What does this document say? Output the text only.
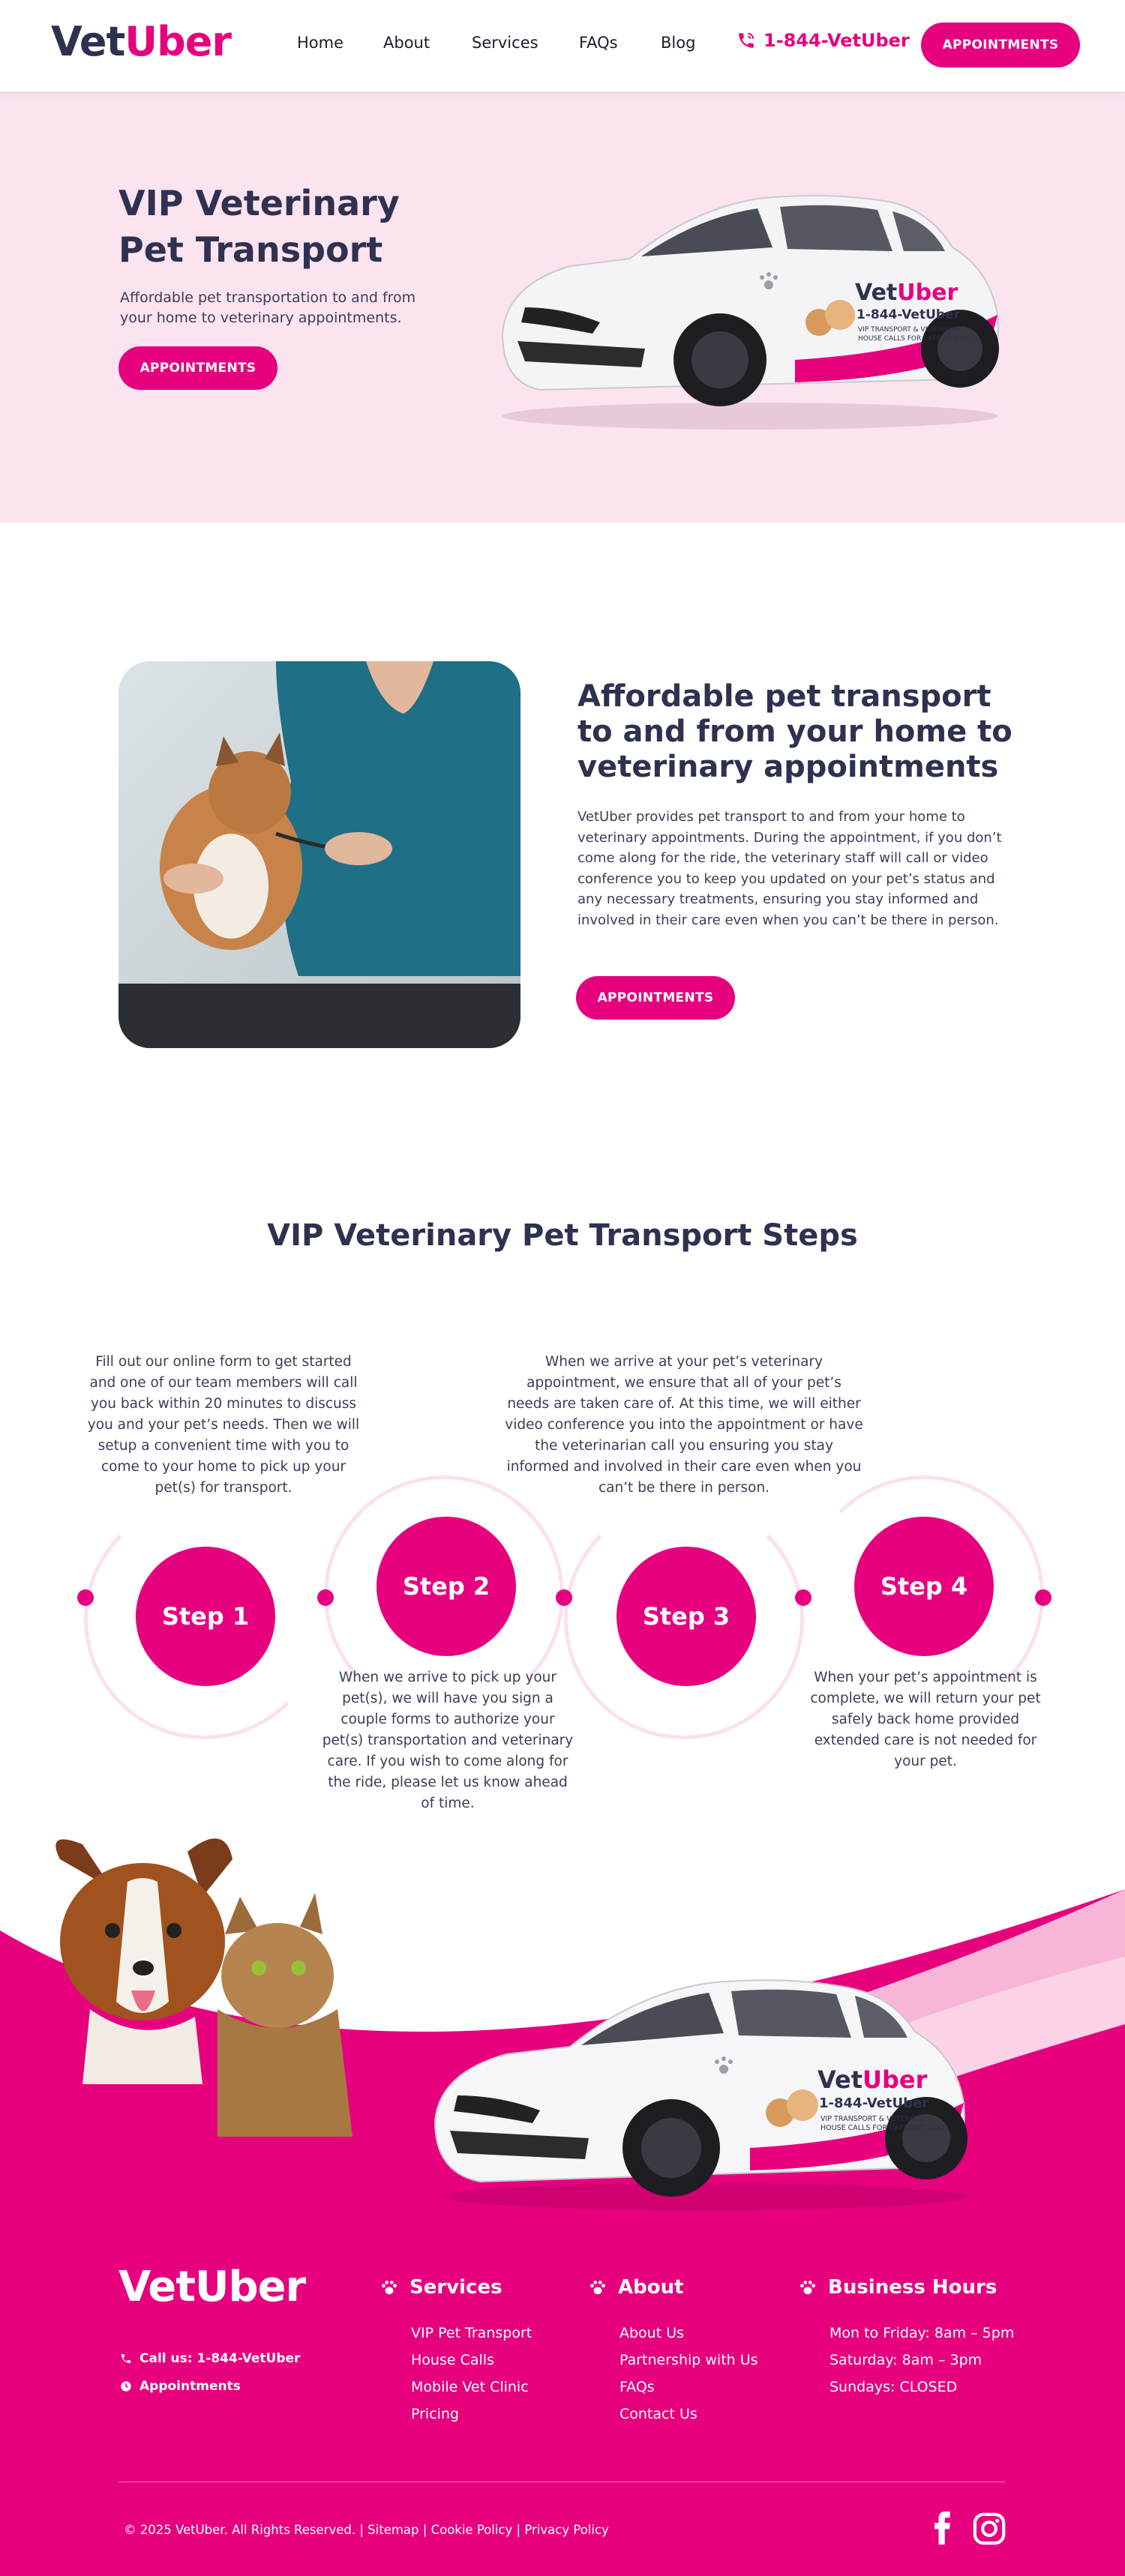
VetUber	Home	About	Services	FAQs	Blog	1-844-VetUber	APPOINTMENTS
VIP Veterinary Pet Transport

Affordable pet transportation to and from your home to veterinary appointments.

APPOINTMENTS
VetUber
1-844-VetUber
VIP TRANSPORT & VETERINARY
HOUSE CALLS FOR CATS AND DOGS
Affordable pet transport to and from your home to veterinary appointments

VetUber provides pet transport to and from your home to veterinary appointments. During the appointment, if you don’t come along for the ride, the veterinary staff will call or video conference you to keep you updated on your pet’s status and any necessary treatments, ensuring you stay informed and involved in their care even when you can’t be there in person.

APPOINTMENTS
VIP Veterinary Pet Transport Steps
Fill out our online form to get started and one of our team members will call you back within 20 minutes to discuss you and your pet’s needs. Then we will setup a convenient time with you to come to your home to pick up your pet(s) for transport.
Step 1
Step 2
When we arrive to pick up your pet(s), we will have you sign a couple forms to authorize your pet(s) transportation and veterinary care. If you wish to come along for the ride, please let us know ahead of time.
When we arrive at your pet’s veterinary appointment, we ensure that all of your pet’s needs are taken care of. At this time, we will either video conference you into the appointment or have the veterinarian call you ensuring you stay informed and involved in their care even when you can’t be there in person.
Step 3
Step 4
When your pet’s appointment is complete, we will return your pet safely back home provided extended care is not needed for your pet.
VetUber
1-844-VetUber
VIP TRANSPORT & VETERINARY
HOUSE CALLS FOR CATS AND DOGS
VetUber
Call us: 1-844-VetUber
Appointments
Services
VIP Pet Transport
House Calls
Mobile Vet Clinic
Pricing
About
About Us
Partnership with Us
FAQs
Contact Us
Business Hours
Mon to Friday: 8am – 5pm
Saturday: 8am – 3pm
Sundays: CLOSED
© 2025 VetUber. All Rights Reserved. | Sitemap | Cookie Policy | Privacy Policy
